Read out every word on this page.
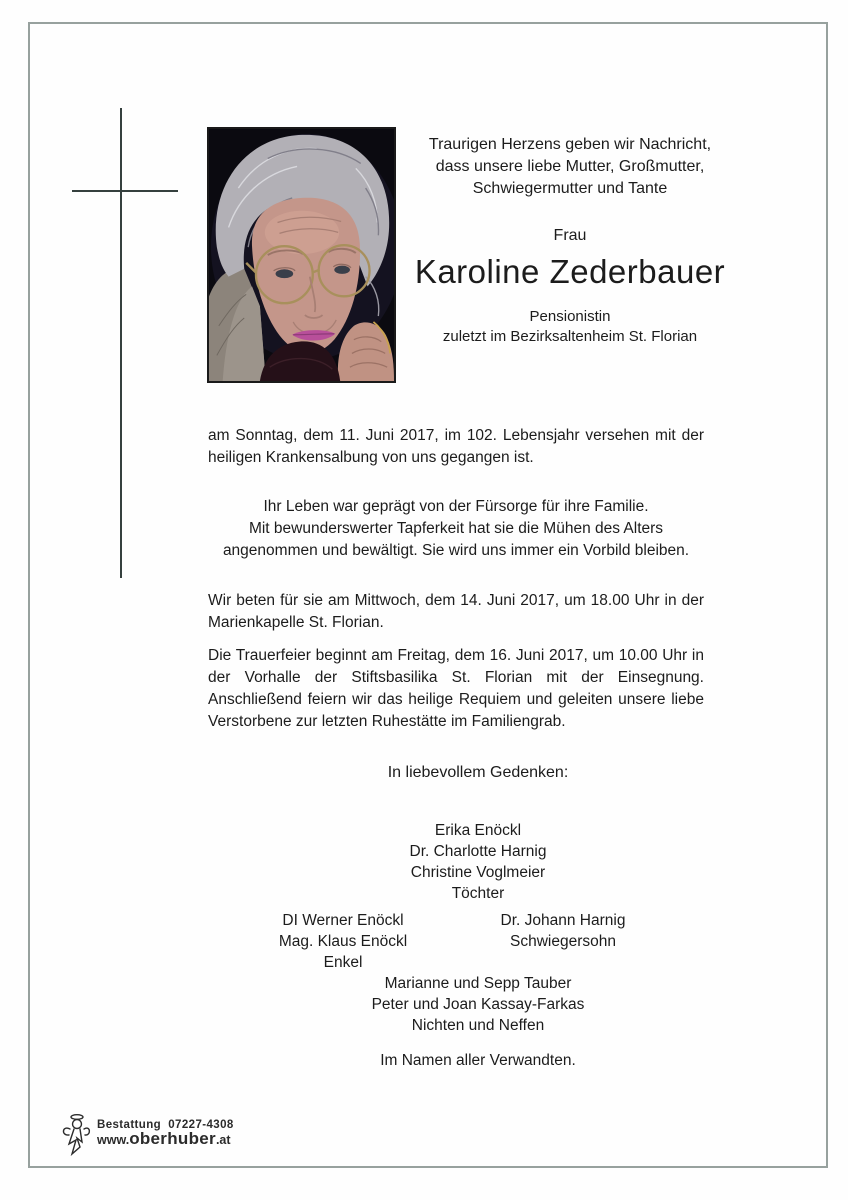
Traurigen Herzens geben wir Nachricht,
dass unsere liebe Mutter, Großmutter,
Schwiegermutter und Tante
Frau
Karoline Zederbauer
Pensionistin
zuletzt im Bezirksaltenheim St. Florian
am Sonntag, dem 11. Juni 2017, im 102. Lebensjahr versehen mit der heiligen Krankensalbung von uns gegangen ist.
Ihr Leben war geprägt von der Fürsorge für ihre Familie.
Mit bewunderswerter Tapferkeit hat sie die Mühen des Alters
angenommen und bewältigt. Sie wird uns immer ein Vorbild bleiben.
Wir beten für sie am Mittwoch, dem 14. Juni 2017, um 18.00 Uhr in der Marienkapelle St. Florian.
Die Trauerfeier beginnt am Freitag, dem 16. Juni 2017, um 10.00 Uhr in der Vorhalle der Stiftsbasilika St. Florian mit der Einsegnung. Anschließend feiern wir das heilige Requiem und geleiten unsere liebe Verstorbene zur letzten Ruhestätte im Familiengrab.
In liebevollem Gedenken:
Erika Enöckl
Dr. Charlotte Harnig
Christine Voglmeier
Töchter
DI Werner Enöckl
Mag. Klaus Enöckl
Enkel
Dr. Johann Harnig
Schwiegersohn
Marianne und Sepp Tauber
Peter und Joan Kassay-Farkas
Nichten und Neffen
Im Namen aller Verwandten.
Bestattung 07227-4308
www.oberhuber.at
